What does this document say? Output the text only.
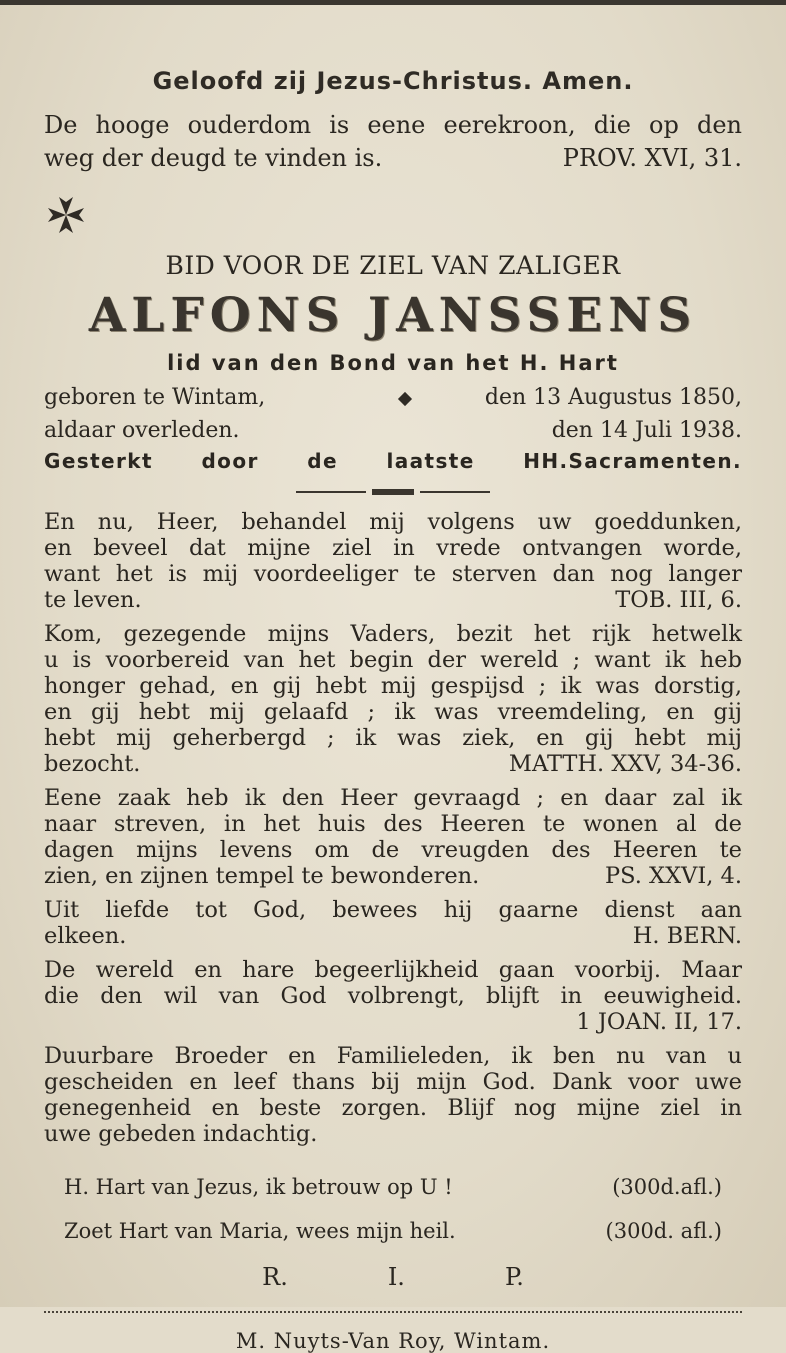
Geloofd zij Jezus-Christus. Amen.
De hooge ouderdom is eene eerekroon, die op den
weg der deugd te vinden is.	PROV. XVI, 31.
BID VOOR DE ZIEL VAN ZALIGER
ALFONS JANSSENS
lid van den Bond van het H. Hart
geboren te Wintam,	den 13 Augustus 1850,
aldaar overleden.	den 14 Juli 1938.
Gesterkt door de laatste HH.Sacramenten.
En nu, Heer, behandel mij volgens uw goeddunken,
en beveel dat mijne ziel in vrede ontvangen worde,
want het is mij voordeeliger te sterven dan nog langer
te leven.	TOB. III, 6.
Kom, gezegende mijns Vaders, bezit het rijk hetwelk
u is voorbereid van het begin der wereld ; want ik heb
honger gehad, en gij hebt mij gespijsd ; ik was dorstig,
en gij hebt mij gelaafd ; ik was vreemdeling, en gij
hebt mij geherbergd ; ik was ziek, en gij hebt mij
bezocht.	MATTH. XXV, 34-36.
Eene zaak heb ik den Heer gevraagd ; en daar zal ik
naar streven, in het huis des Heeren te wonen al de
dagen mijns levens om de vreugden des Heeren te
zien, en zijnen tempel te bewonderen.	PS. XXVI, 4.
Uit liefde tot God, bewees hij gaarne dienst aan
elkeen.	H. BERN.
De wereld en hare begeerlijkheid gaan voorbij. Maar
die den wil van God volbrengt, blijft in eeuwigheid.
1 JOAN. II, 17.
Duurbare Broeder en Familieleden, ik ben nu van u
gescheiden en leef thans bij mijn God. Dank voor uwe
genegenheid en beste zorgen. Blijf nog mijne ziel in
uwe gebeden indachtig.
H. Hart van Jezus, ik betrouw op U !	(300d.afl.)
Zoet Hart van Maria, wees mijn heil.	(300d. afl.)
R.	I.	P.
M. Nuyts-Van Roy, Wintam.
